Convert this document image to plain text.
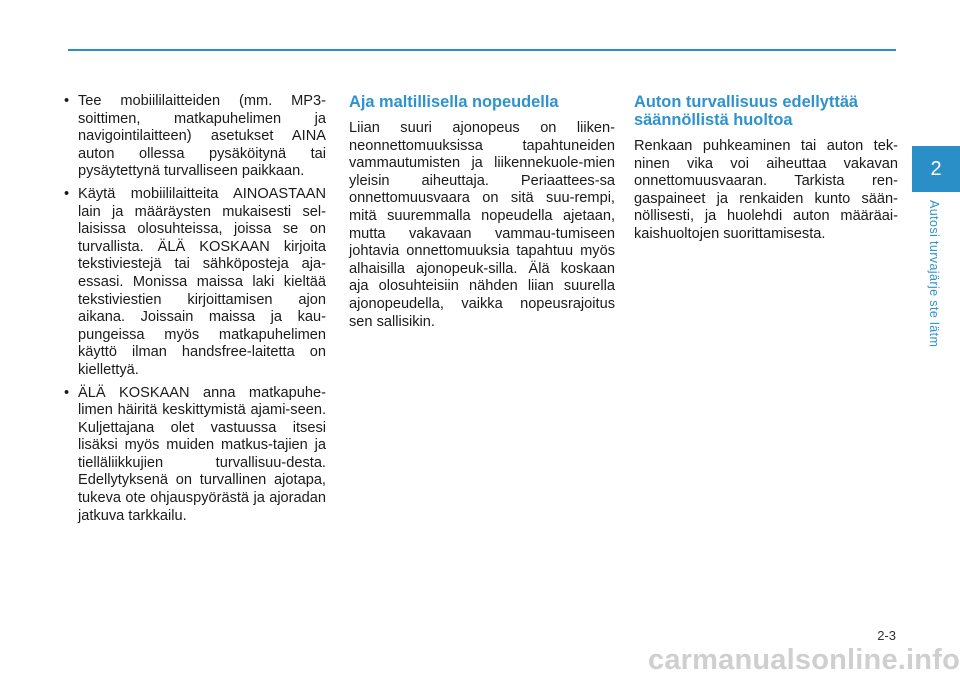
• Tee mobiililaitteiden (mm. MP3-soittimen, matkapuhelimen ja navigointilaitteen) asetukset AINA auton ollessa pysäköitynä tai pysäytettynä turvalliseen paikkaan.
• Käytä mobiililaitteita AINOASTAAN lain ja määräysten mukaisesti sel-laisissa olosuhteissa, joissa se on turvallista. ÄLÄ KOSKAAN kirjoita tekstiviestejä tai sähköposteja aja-essasi. Monissa maissa laki kieltää tekstiviestien kirjoittamisen ajon aikana. Joissain maissa ja kau-pungeissa myös matkapuhelimen käyttö ilman handsfree-laitetta on kiellettyä.
• ÄLÄ KOSKAAN anna matkapuhe-limen häiritä keskittymistä ajami-seen. Kuljettajana olet vastuussa itsesi lisäksi myös muiden matkus-tajien ja tielläliikkujien turvallisuu-desta. Edellytyksenä on turvallinen ajotapa, tukeva ote ohjauspyörästä ja ajoradan jatkuva tarkkailu.
Aja maltillisella nopeudella

Liian suuri ajonopeus on liiken-neonnettomuuksissa tapahtuneiden vammautumisten ja liikennekuole-mien yleisin aiheuttaja. Periaattees-sa onnettomuusvaara on sitä suu-rempi, mitä suuremmalla nopeudella ajetaan, mutta vakavaan vammau-tumiseen johtavia onnettomuuksia tapahtuu myös alhaisilla ajonopeuk-silla. Älä koskaan aja olosuhteisiin nähden liian suurella ajonopeudella, vaikka nopeusrajoitus sen sallisikin.

Auton turvallisuus edellyttää säännöllistä huoltoa

Renkaan puhkeaminen tai auton tek-ninen vika voi aiheuttaa vakavan onnettomuusvaaran. Tarkista ren-gaspaineet ja renkaiden kunto sään-nöllisesti, ja huolehdi auton määräai-kaishuoltojen suorittamisesta.

2
Autosi turvajärje ste lätm
2-3
carmanualsonline.info
